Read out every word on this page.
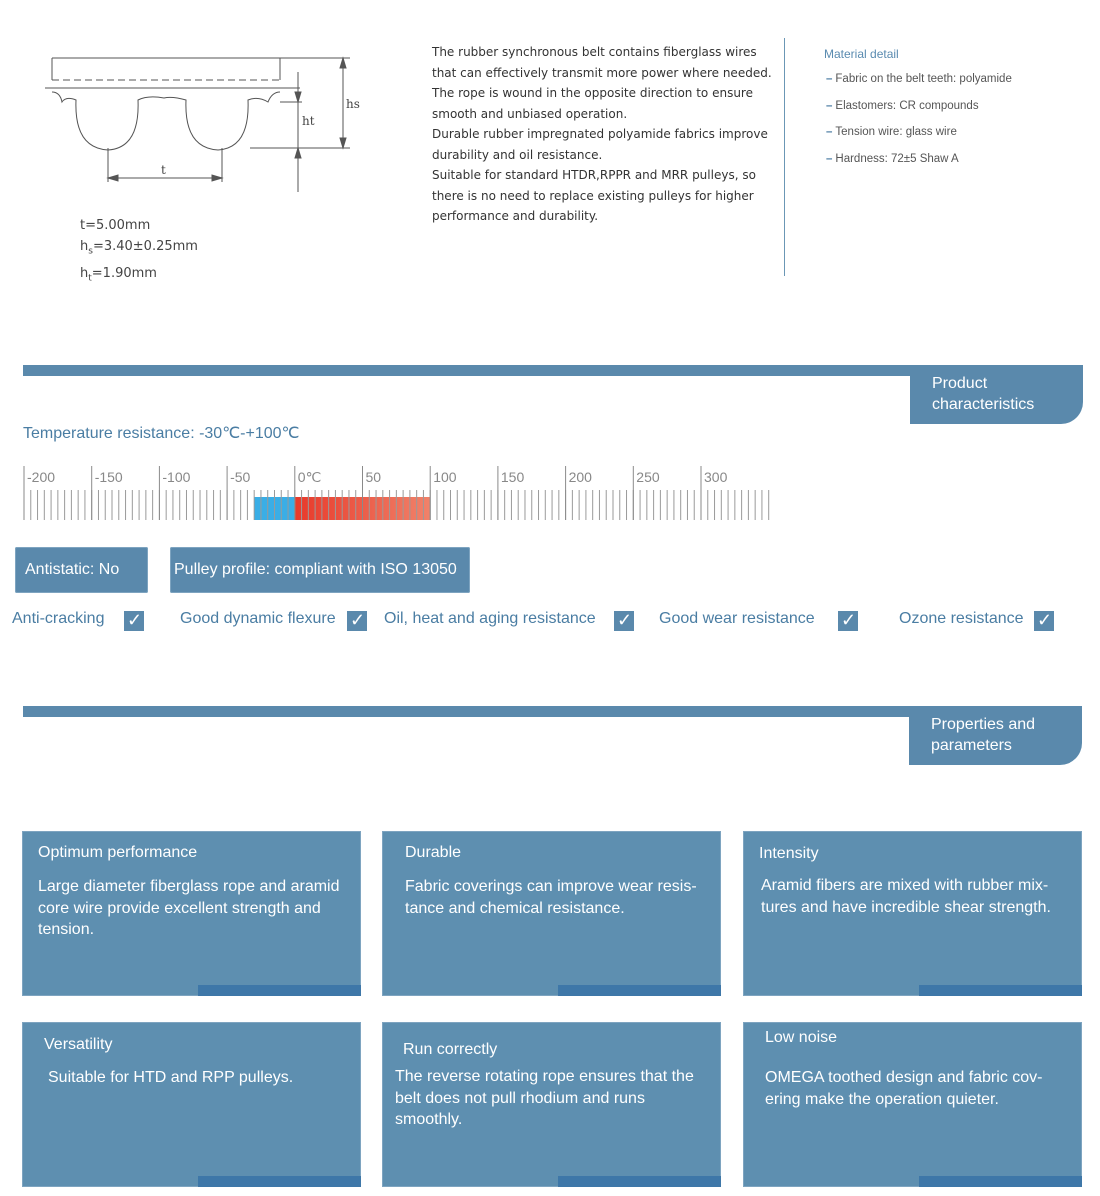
hs
ht
t
t=5.00mm
$h_s=3.40\pm 0.25mm$
$h_t=1.90mm$
The rubber synchronous belt contains fiberglass wires
that can effectively transmit more power where needed.
The rope is wound in the opposite direction to ensure
smooth and unbiased operation.
Durable rubber impregnated polyamide fabrics improve
durability and oil resistance.
Suitable for standard HTDR,RPPR and MRR pulleys, so
there is no need to replace existing pulleys for higher
performance and durability.
Material detail
– Fabric on the belt teeth: polyamide
– Elastomers: CR compounds
– Tension wire: glass wire
– Hardness: 72±5 Shaw A
Product
characteristics
Temperature resistance: -30℃-+100℃
-200	-150	-100	-50	0℃	50	100	150	200	250	300
Antistatic: No	Pulley profile: compliant with ISO 13050
Anti-cracking ✓ Good dynamic flexure ✓ Oil, heat and aging resistance ✓ Good wear resistance ✓	Ozone resistance ✓
Properties and
parameters
Optimum performance
Large diameter fiberglass rope and aramid
core wire provide excellent strength and
tension.
Durable
Fabric coverings can improve wear resis-
tance and chemical resistance.
Intensity
Aramid fibers are mixed with rubber mix-
tures and have incredible shear strength.
Versatility
Suitable for HTD and RPP pulleys.
Run correctly
The reverse rotating rope ensures that the
belt does not pull rhodium and runs
smoothly.
Low noise
OMEGA toothed design and fabric cov-
ering make the operation quieter.
